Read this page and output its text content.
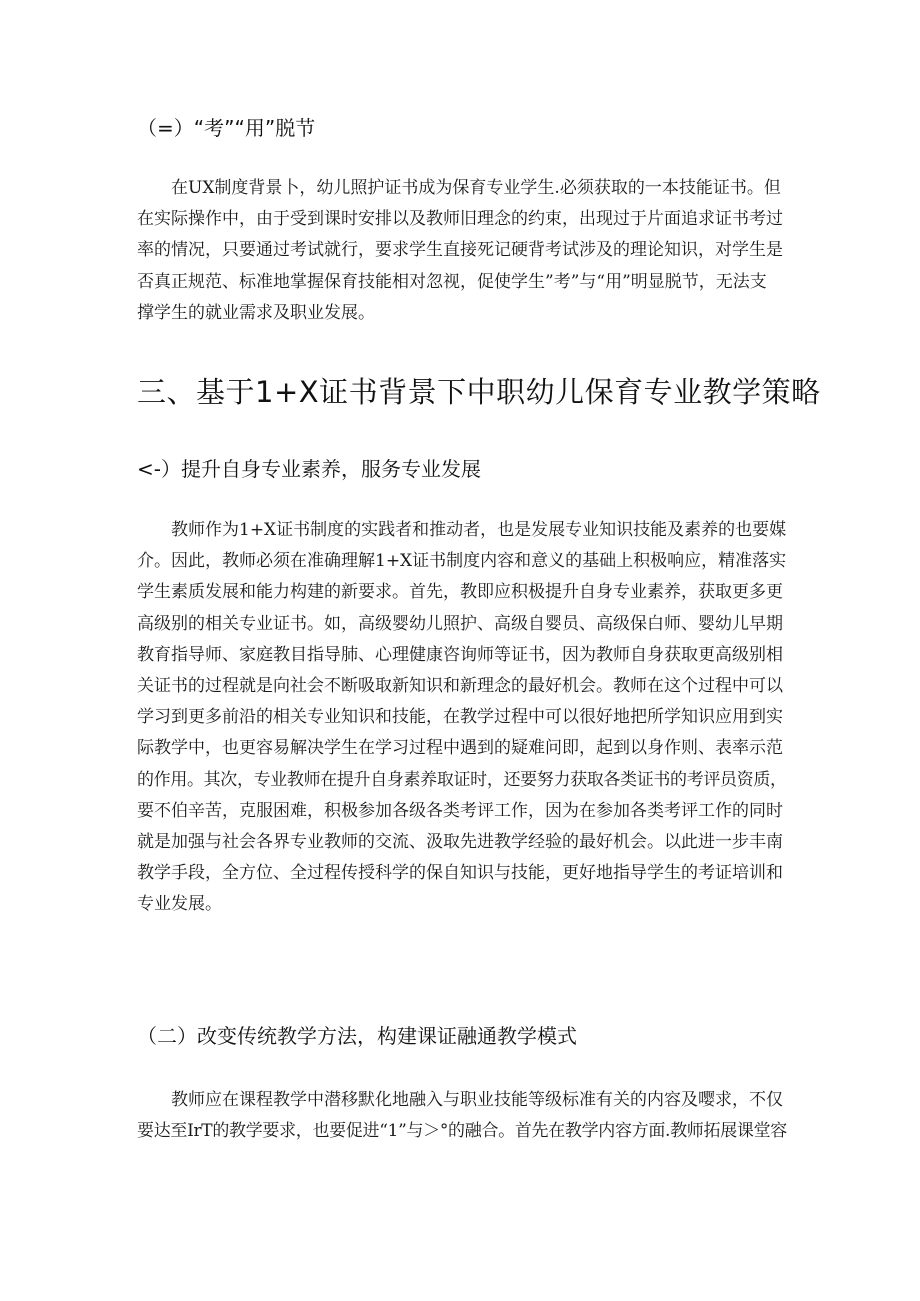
（=）“考”“用”脱节
在UX制度背景卜，幼儿照护证书成为保育专业学生.必须获取的一本技能证书。但
在实际操作中，由于受到课时安排以及教师旧理念的约束，出现过于片面追求证书考过
率的情况，只要通过考试就行，要求学生直接死记硬背考试涉及的理论知识，对学生是
否真正规范、标准地掌握保育技能相对忽视，促使学生”考”与“用”明显脱节，无法支
撑学生的就业需求及职业发展。
三、基于1+X证书背景下中职幼儿保育专业教学策略
<-）提升自身专业素养，服务专业发展
教师作为1+X证书制度的实践者和推动者，也是发展专业知识技能及素养的也要媒
介。因此，教师必须在准确理解1+X证书制度内容和意义的基础上积极响应，精准落实
学生素质发展和能力构建的新要求。首先，教即应积极提升自身专业素养，获取更多更
高级别的相关专业证书。如，高级婴幼儿照护、高级自婴员、高级保白师、婴幼儿早期
教育指导师、家庭教目指导肺、心理健康咨询师等证书，因为教师自身获取更高级别相
关证书的过程就是向社会不断吸取新知识和新理念的最好机会。教师在这个过程中可以
学习到更多前沿的相关专业知识和技能，在教学过程中可以很好地把所学知识应用到实
际教学中，也更容易解决学生在学习过程中遇到的疑难问即，起到以身作则、表率示范
的作用。其次，专业教师在提升自身素养取证时，还要努力获取各类证书的考评员资质，
要不伯辛苦，克服困难，积极参加各级各类考评工作，因为在参加各类考评工作的同时
就是加强与社会各界专业教师的交流、汲取先进教学经验的最好机会。以此进一步丰南
教学手段，全方位、全过程传授科学的保自知识与技能，更好地指导学生的考证培训和
专业发展。
（二）改变传统教学方法，构建课证融通教学模式
教师应在课程教学中潜移默化地融入与职业技能等级标准有关的内容及嘤求，不仅
要达至IrT的教学要求，也要促进“1”与＞°的融合。首先在教学内容方面.教师拓展课堂容
